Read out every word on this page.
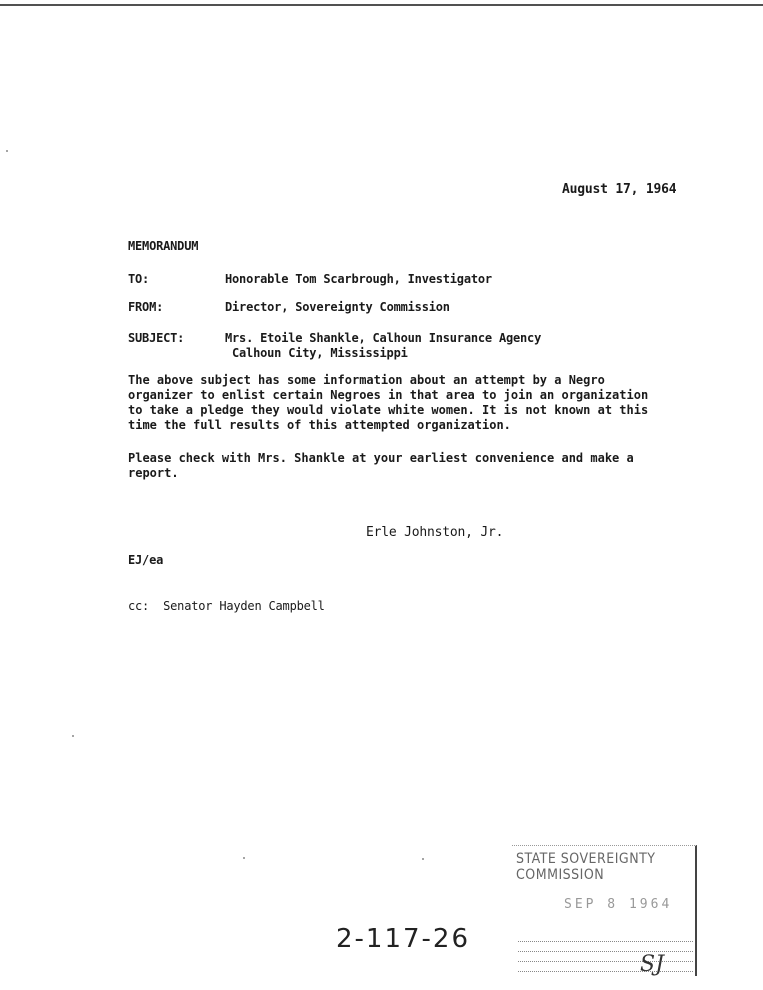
August 17, 1964
MEMORANDUM
TO:	Honorable Tom Scarbrough, Investigator
FROM:	Director, Sovereignty Commission
SUBJECT:	Mrs. Etoile Shankle, Calhoun Insurance Agency
Calhoun City, Mississippi
The above subject has some information about an attempt by a Negro organizer to enlist certain Negroes in that area to join an organization to take a pledge they would violate white women. It is not known at this time the full results of this attempted organization.
Please check with Mrs. Shankle at your earliest convenience and make a report.
Erle Johnston, Jr.
EJ/ea
cc:  Senator Hayden Campbell
2-117-26
STATE SOVEREIGNTY COMMISSION
SEP 8 1964
SJ
